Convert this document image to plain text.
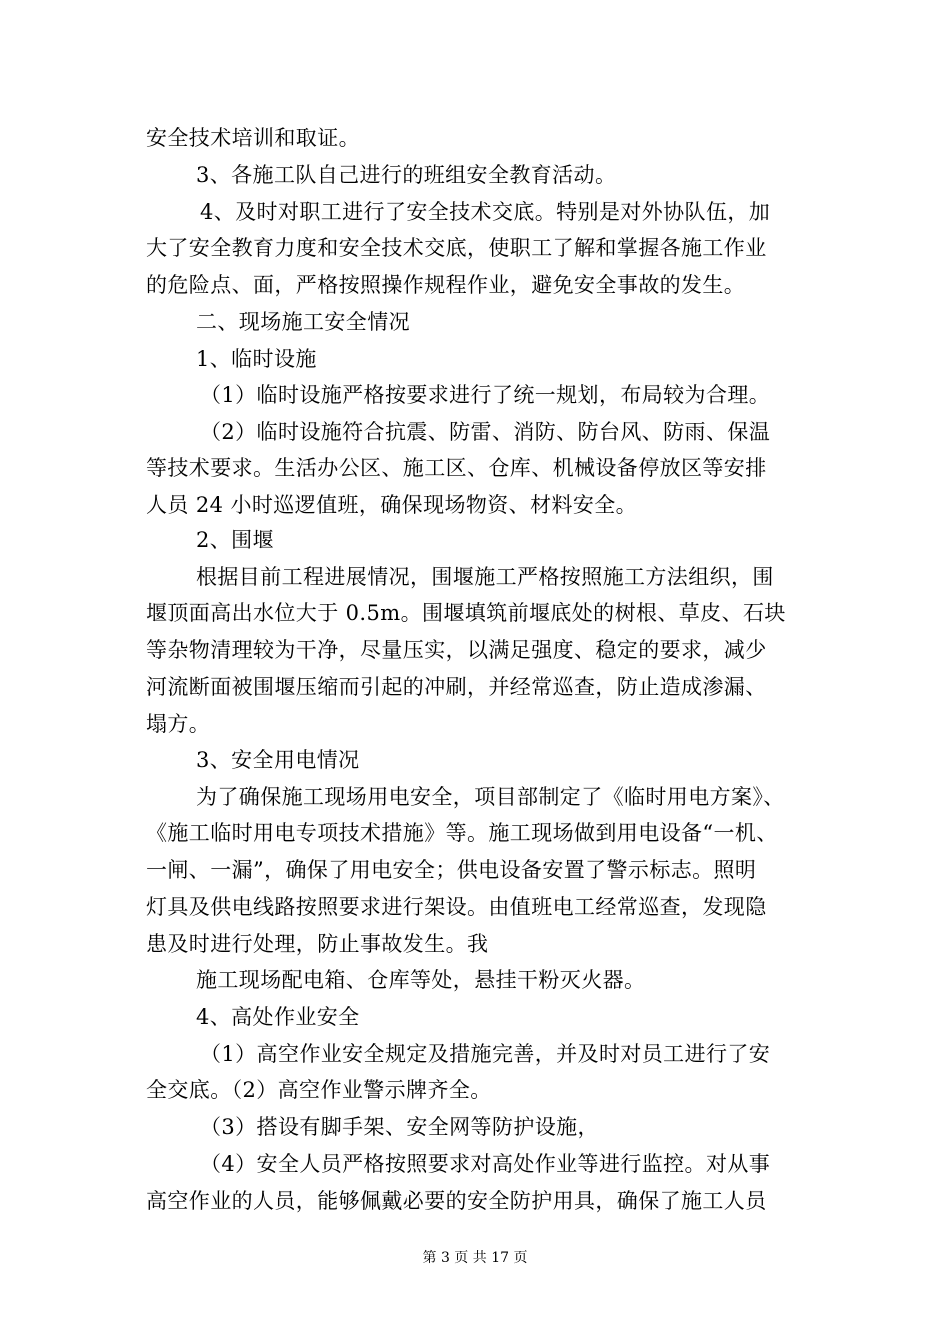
安全技术培训和取证。
3、各施工队自己进行的班组安全教育活动。
4、及时对职工进行了安全技术交底。特别是对外协队伍，加
大了安全教育力度和安全技术交底，使职工了解和掌握各施工作业
的危险点、面，严格按照操作规程作业，避免安全事故的发生。
二、现场施工安全情况
1、临时设施
（1）临时设施严格按要求进行了统一规划，布局较为合理。
（2）临时设施符合抗震、防雷、消防、防台风、防雨、保温
等技术要求。生活办公区、施工区、仓库、机械设备停放区等安排
人员 24 小时巡逻值班，确保现场物资、材料安全。
2、围堰
根据目前工程进展情况，围堰施工严格按照施工方法组织，围
堰顶面高出水位大于 0.5m。围堰填筑前堰底处的树根、草皮、石块
等杂物清理较为干净，尽量压实，以满足强度、稳定的要求，减少
河流断面被围堰压缩而引起的冲刷，并经常巡查，防止造成渗漏、
塌方。
3、安全用电情况
为了确保施工现场用电安全，项目部制定了《临时用电方案》、
《施工临时用电专项技术措施》等。施工现场做到用电设备“一机、
一闸、一漏”，确保了用电安全；供电设备安置了警示标志。照明
灯具及供电线路按照要求进行架设。由值班电工经常巡查，发现隐
患及时进行处理，防止事故发生。我
施工现场配电箱、仓库等处，悬挂干粉灭火器。
4、高处作业安全
（1）高空作业安全规定及措施完善，并及时对员工进行了安
全交底。（2）高空作业警示牌齐全。
（3）搭设有脚手架、安全网等防护设施，
（4）安全人员严格按照要求对高处作业等进行监控。对从事
高空作业的人员，能够佩戴必要的安全防护用具，确保了施工人员
第 3 页 共 17 页
